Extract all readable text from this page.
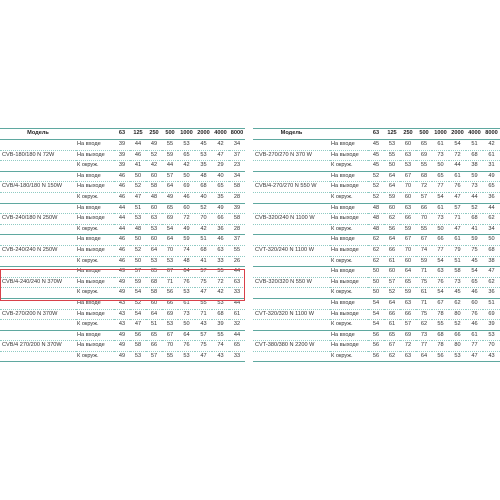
Модель		63	125	250	500	1000	2000	4000	8000
	На входе	39	44	49	55	53	45	42	34
CVB-180/180 N 72W	На выходе	39	46	52	59	65	53	47	37
	К окруж.	39	41	42	44	42	35	29	23
	На входе	46	50	60	57	50	48	40	34
CVB/4-180/180 N 150W	На выходе	46	52	58	64	69	68	65	58
	К окруж.	46	47	48	49	46	40	35	28
	На входе	44	51	60	65	60	52	49	39
CVB-240/180 N 250W	На выходе	44	53	63	69	72	70	66	58
	К окруж.	44	48	53	54	49	42	36	28
	На входе	46	50	60	64	59	51	46	37
CVB-240/240 N 250W	На выходе	46	52	64	70	74	68	63	55
	К окруж.	46	50	53	53	48	41	33	26
	На входе	49	57	65	67	64	57	55	44
CVB/4-240/240 N 370W	На выходе	49	59	68	71	76	75	72	63
	К окруж.	49	54	58	56	53	47	42	33
	На входе	43	52	60	66	61	55	53	44
CVB-270/200 N 370W	На выходе	43	54	64	69	73	71	68	61
	К окруж.	43	47	51	53	50	43	39	32
	На входе	49	56	65	67	64	57	55	44
CVB/4 270/200 N 370W	На выходе	49	58	66	70	76	75	74	65
	К окруж.	49	53	57	55	53	47	43	33
Модель		63	125	250	500	1000	2000	4000	8000
	На входе	45	53	60	65	61	54	51	42
CVB-270/270 N 370 W	На выходе	45	55	63	69	73	72	68	61
	К окруж.	45	50	53	55	50	44	38	31
	На входе	52	64	67	68	65	61	59	49
CVB/4-270/270 N 550 W	На выходе	52	64	70	72	77	76	73	65
	К окруж.	52	59	60	57	54	47	44	36
	На входе	48	60	63	66	61	57	52	44
CVB-320/240 N 1100 W	На выходе	48	62	66	70	73	71	68	62
	К окруж.	48	56	59	55	50	47	41	34
	На входе	62	64	67	67	66	61	59	50
CVT-320/240 N 1100 W	На выходе	62	66	70	74	77	79	75	68
	К окруж.	62	61	60	59	54	51	45	38
	На входе	50	60	64	71	63	58	54	47
CVB-320/320 N 550 W	На выходе	50	57	65	75	76	73	65	62
	К окруж.	50	52	59	61	54	45	46	36
	На входе	54	64	63	71	67	62	60	51
CVT-320/320 N 1100 W	На выходе	54	66	66	75	78	80	76	69
	К окруж.	54	61	57	62	55	52	46	39
	На входе	56	65	69	73	68	66	61	53
CVT-380/380 N 2200 W	На выходе	56	67	72	77	78	80	77	70
	К окруж.	56	62	63	64	56	53	47	43
